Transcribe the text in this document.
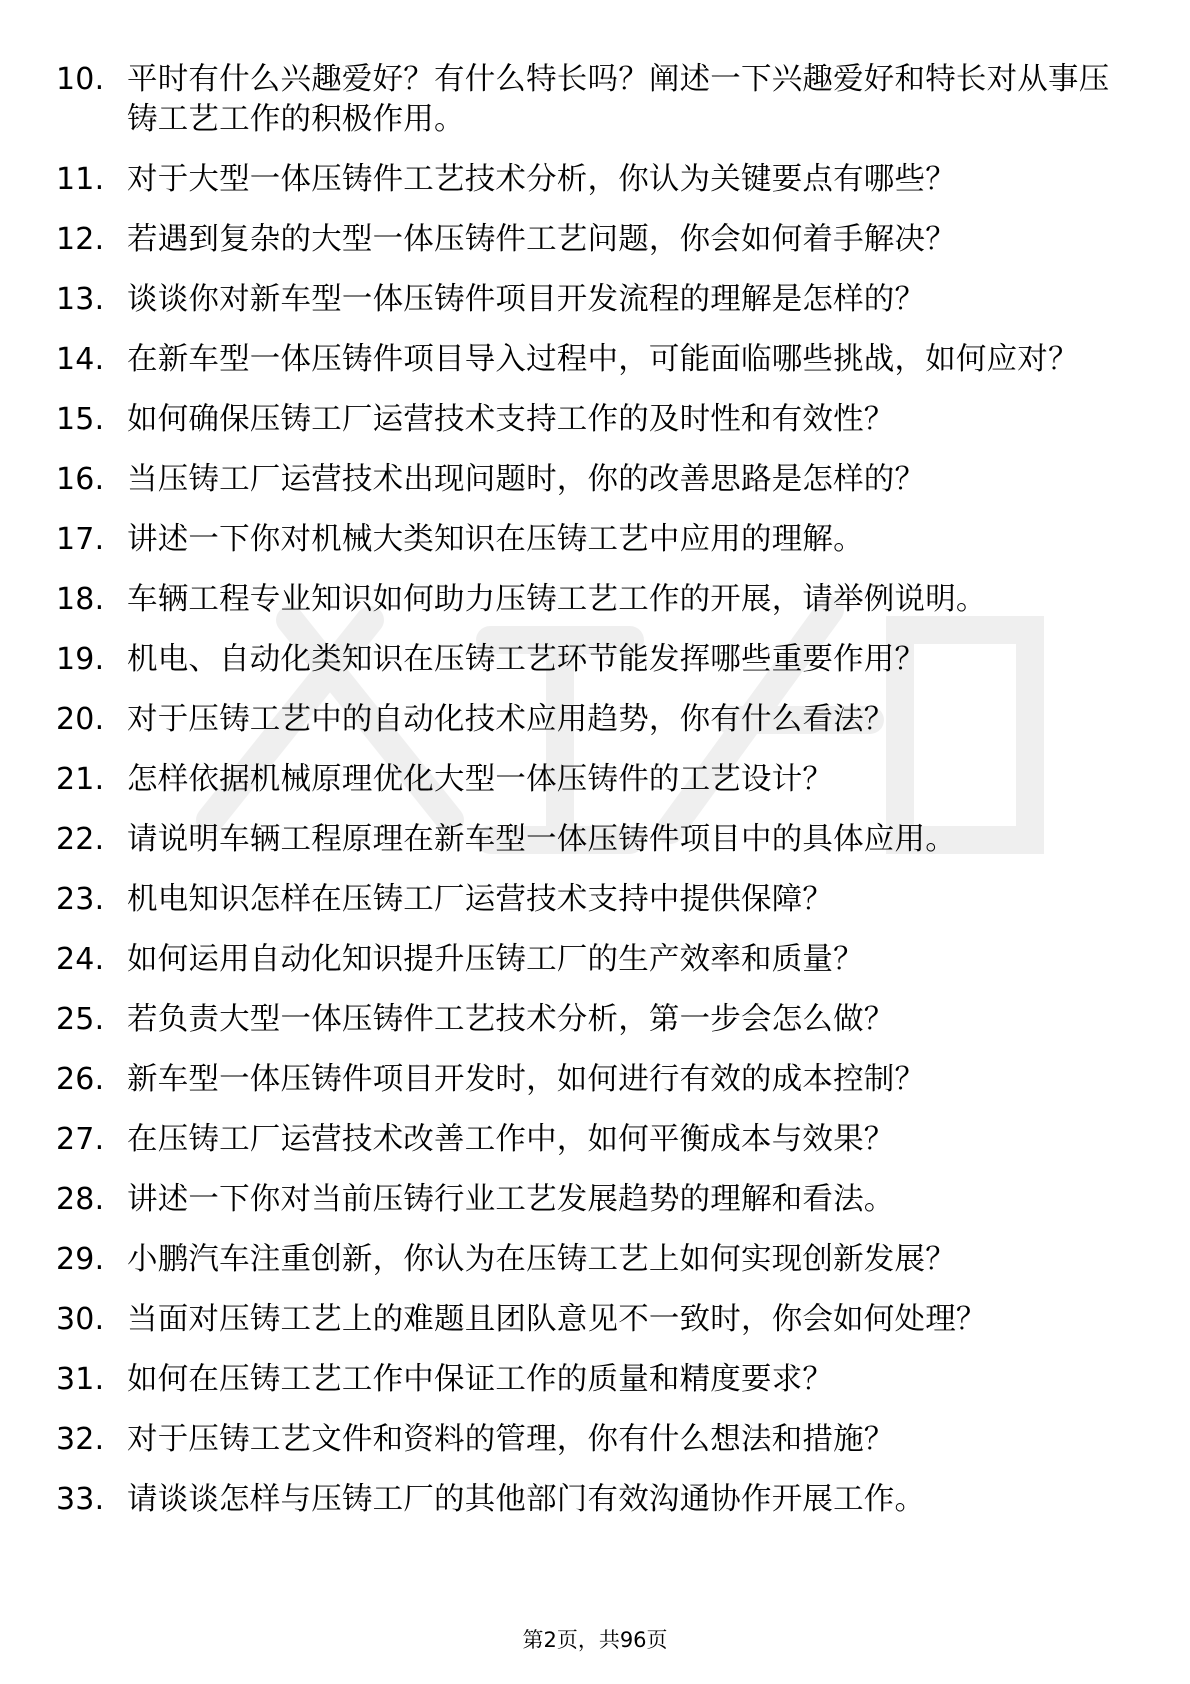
10. 平时有什么兴趣爱好？有什么特长吗？阐述一下兴趣爱好和特长对从事压铸工艺工作的积极作用。
11. 对于大型一体压铸件工艺技术分析，你认为关键要点有哪些？
12. 若遇到复杂的大型一体压铸件工艺问题，你会如何着手解决？
13. 谈谈你对新车型一体压铸件项目开发流程的理解是怎样的？
14. 在新车型一体压铸件项目导入过程中，可能面临哪些挑战，如何应对？
15. 如何确保压铸工厂运营技术支持工作的及时性和有效性？
16. 当压铸工厂运营技术出现问题时，你的改善思路是怎样的？
17. 讲述一下你对机械大类知识在压铸工艺中应用的理解。
18. 车辆工程专业知识如何助力压铸工艺工作的开展，请举例说明。
19. 机电、自动化类知识在压铸工艺环节能发挥哪些重要作用？
20. 对于压铸工艺中的自动化技术应用趋势，你有什么看法？
21. 怎样依据机械原理优化大型一体压铸件的工艺设计？
22. 请说明车辆工程原理在新车型一体压铸件项目中的具体应用。
23. 机电知识怎样在压铸工厂运营技术支持中提供保障？
24. 如何运用自动化知识提升压铸工厂的生产效率和质量？
25. 若负责大型一体压铸件工艺技术分析，第一步会怎么做？
26. 新车型一体压铸件项目开发时，如何进行有效的成本控制？
27. 在压铸工厂运营技术改善工作中，如何平衡成本与效果？
28. 讲述一下你对当前压铸行业工艺发展趋势的理解和看法。
29. 小鹏汽车注重创新，你认为在压铸工艺上如何实现创新发展？
30. 当面对压铸工艺上的难题且团队意见不一致时，你会如何处理？
31. 如何在压铸工艺工作中保证工作的质量和精度要求？
32. 对于压铸工艺文件和资料的管理，你有什么想法和措施？
33. 请谈谈怎样与压铸工厂的其他部门有效沟通协作开展工作。
第2页，共96页
